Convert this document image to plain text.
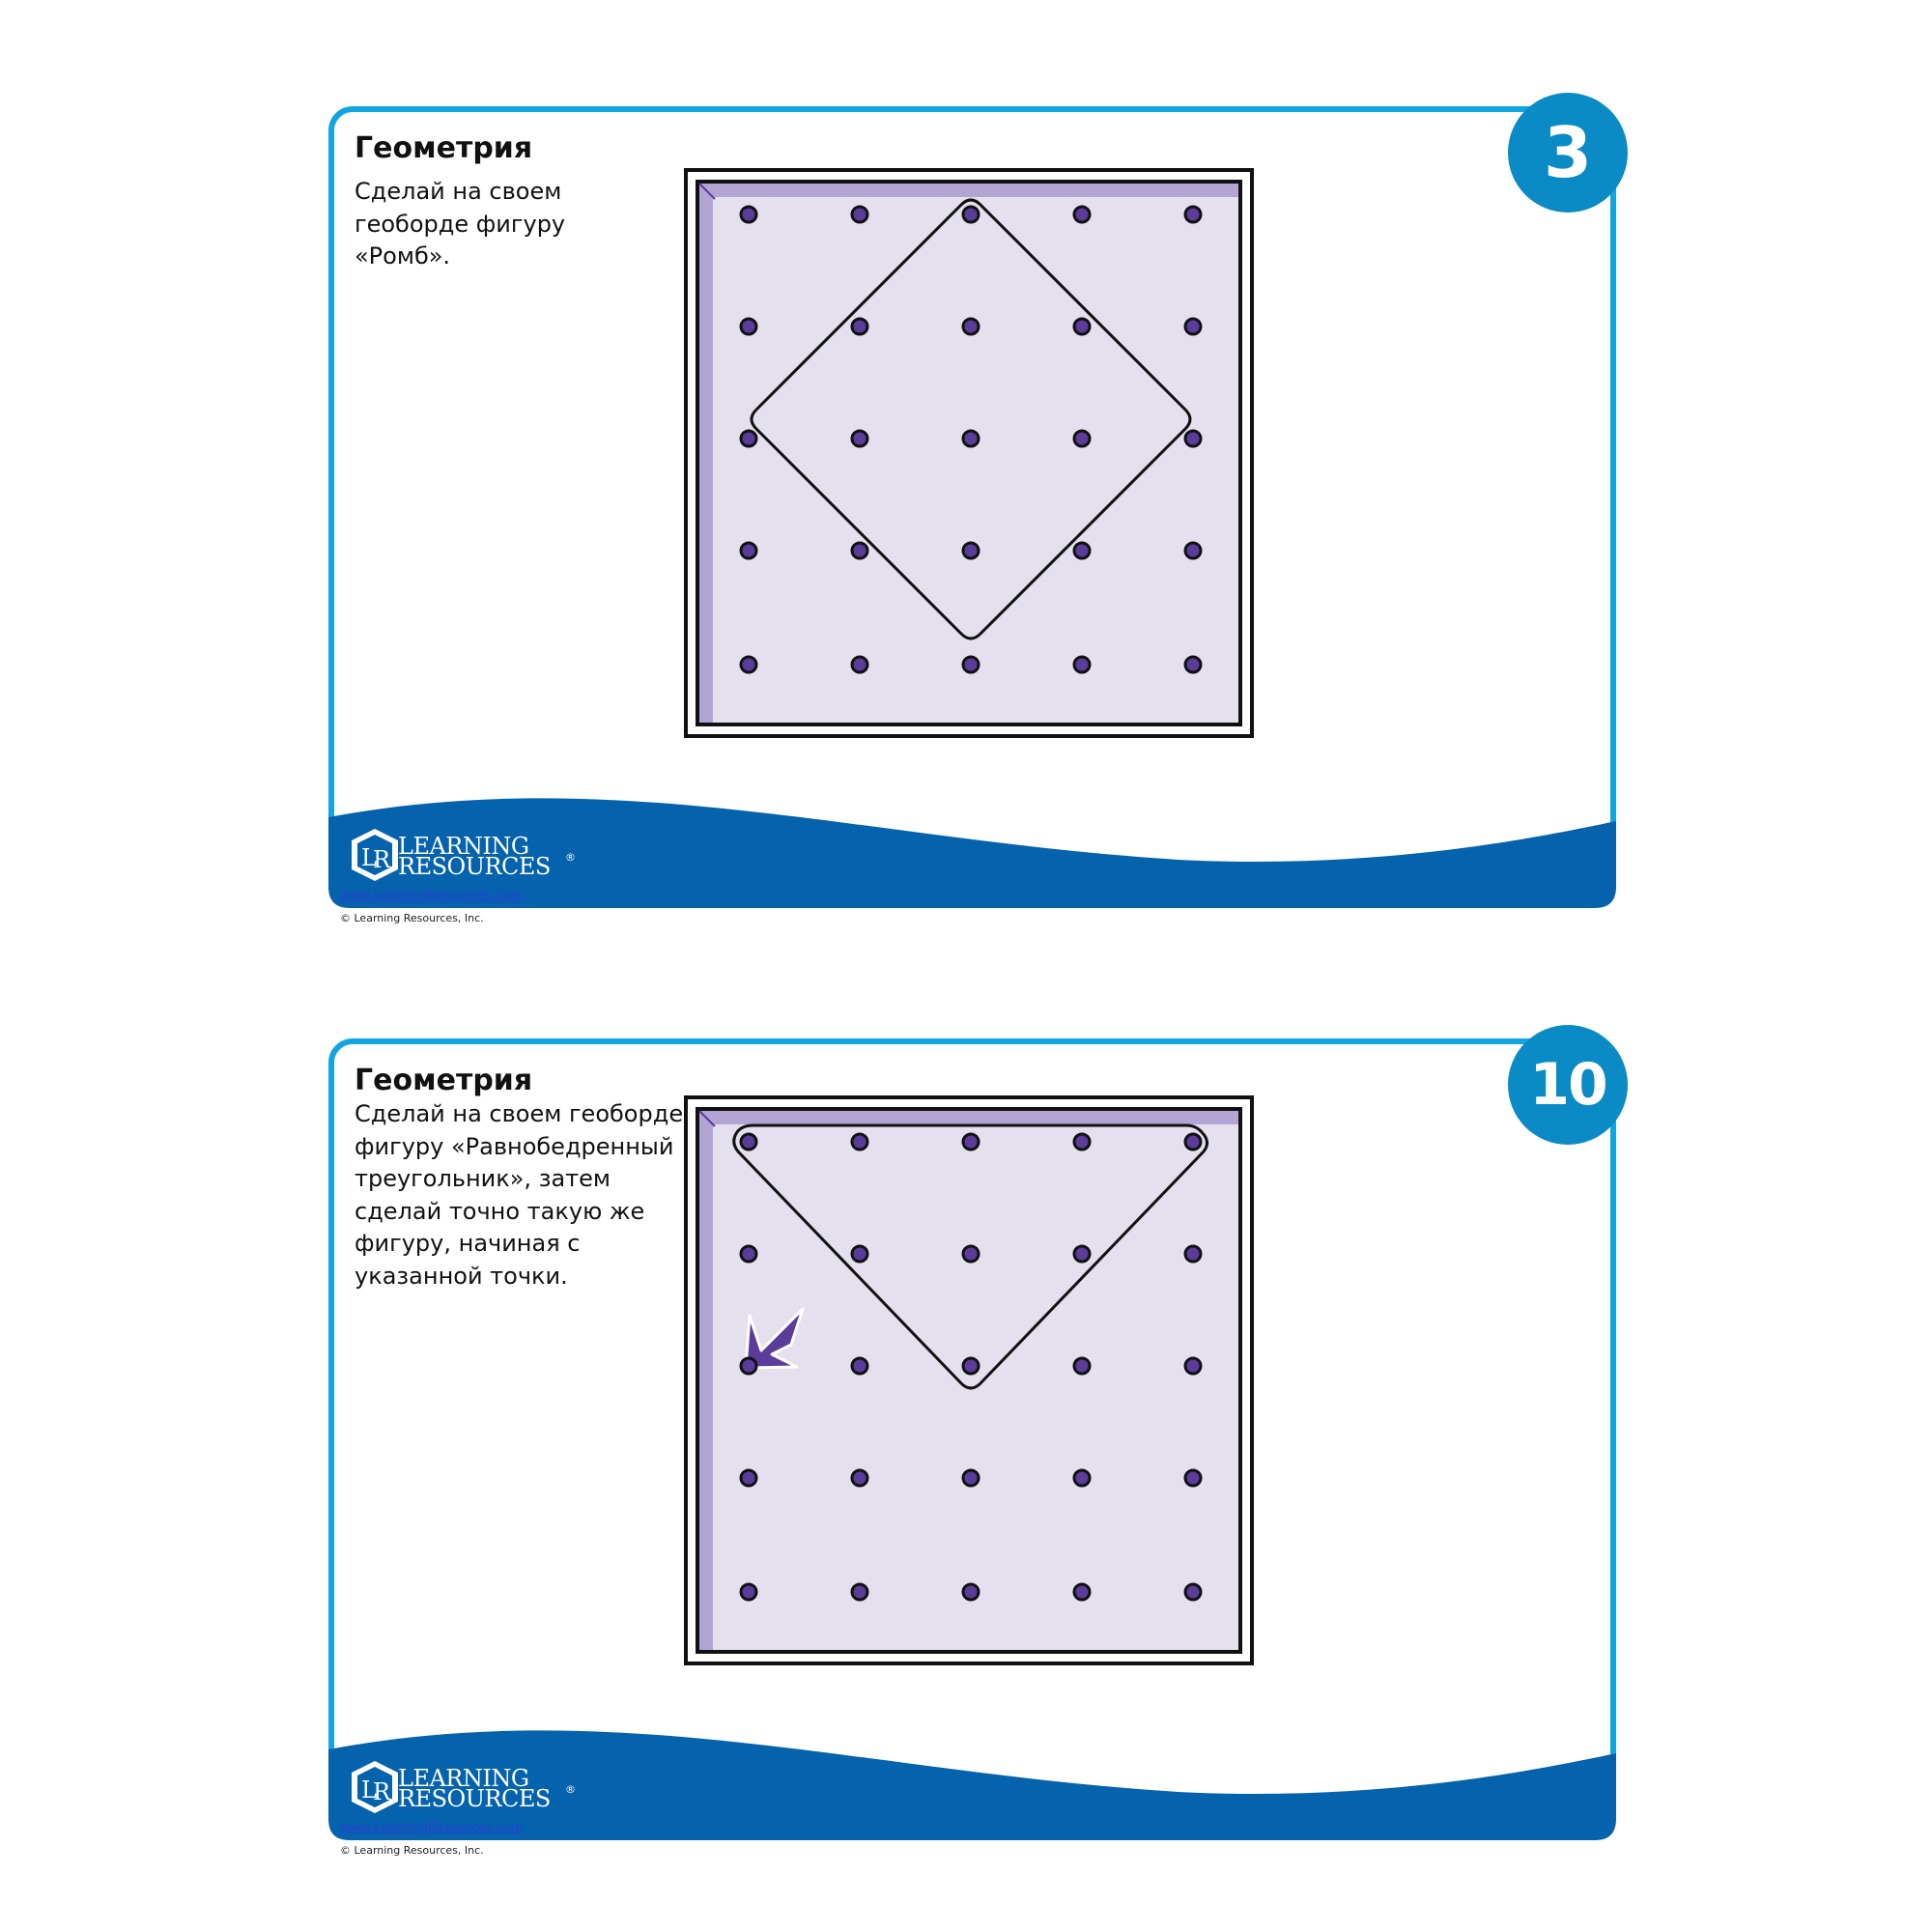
3
Геометрия

Сделай на своем геоборде фигуру «Ромб».

L
R LEARNING
RESOURCES ®
www.LearningResources.com
© Learning Resources, Inc.
10
Геометрия

Сделай на своем геоборде фигуру «Равнобедренный треугольник», затем сделай точно такую же фигуру, начиная с указанной точки.

L
R LEARNING
RESOURCES ®
www.LearningResources.com
© Learning Resources, Inc.
